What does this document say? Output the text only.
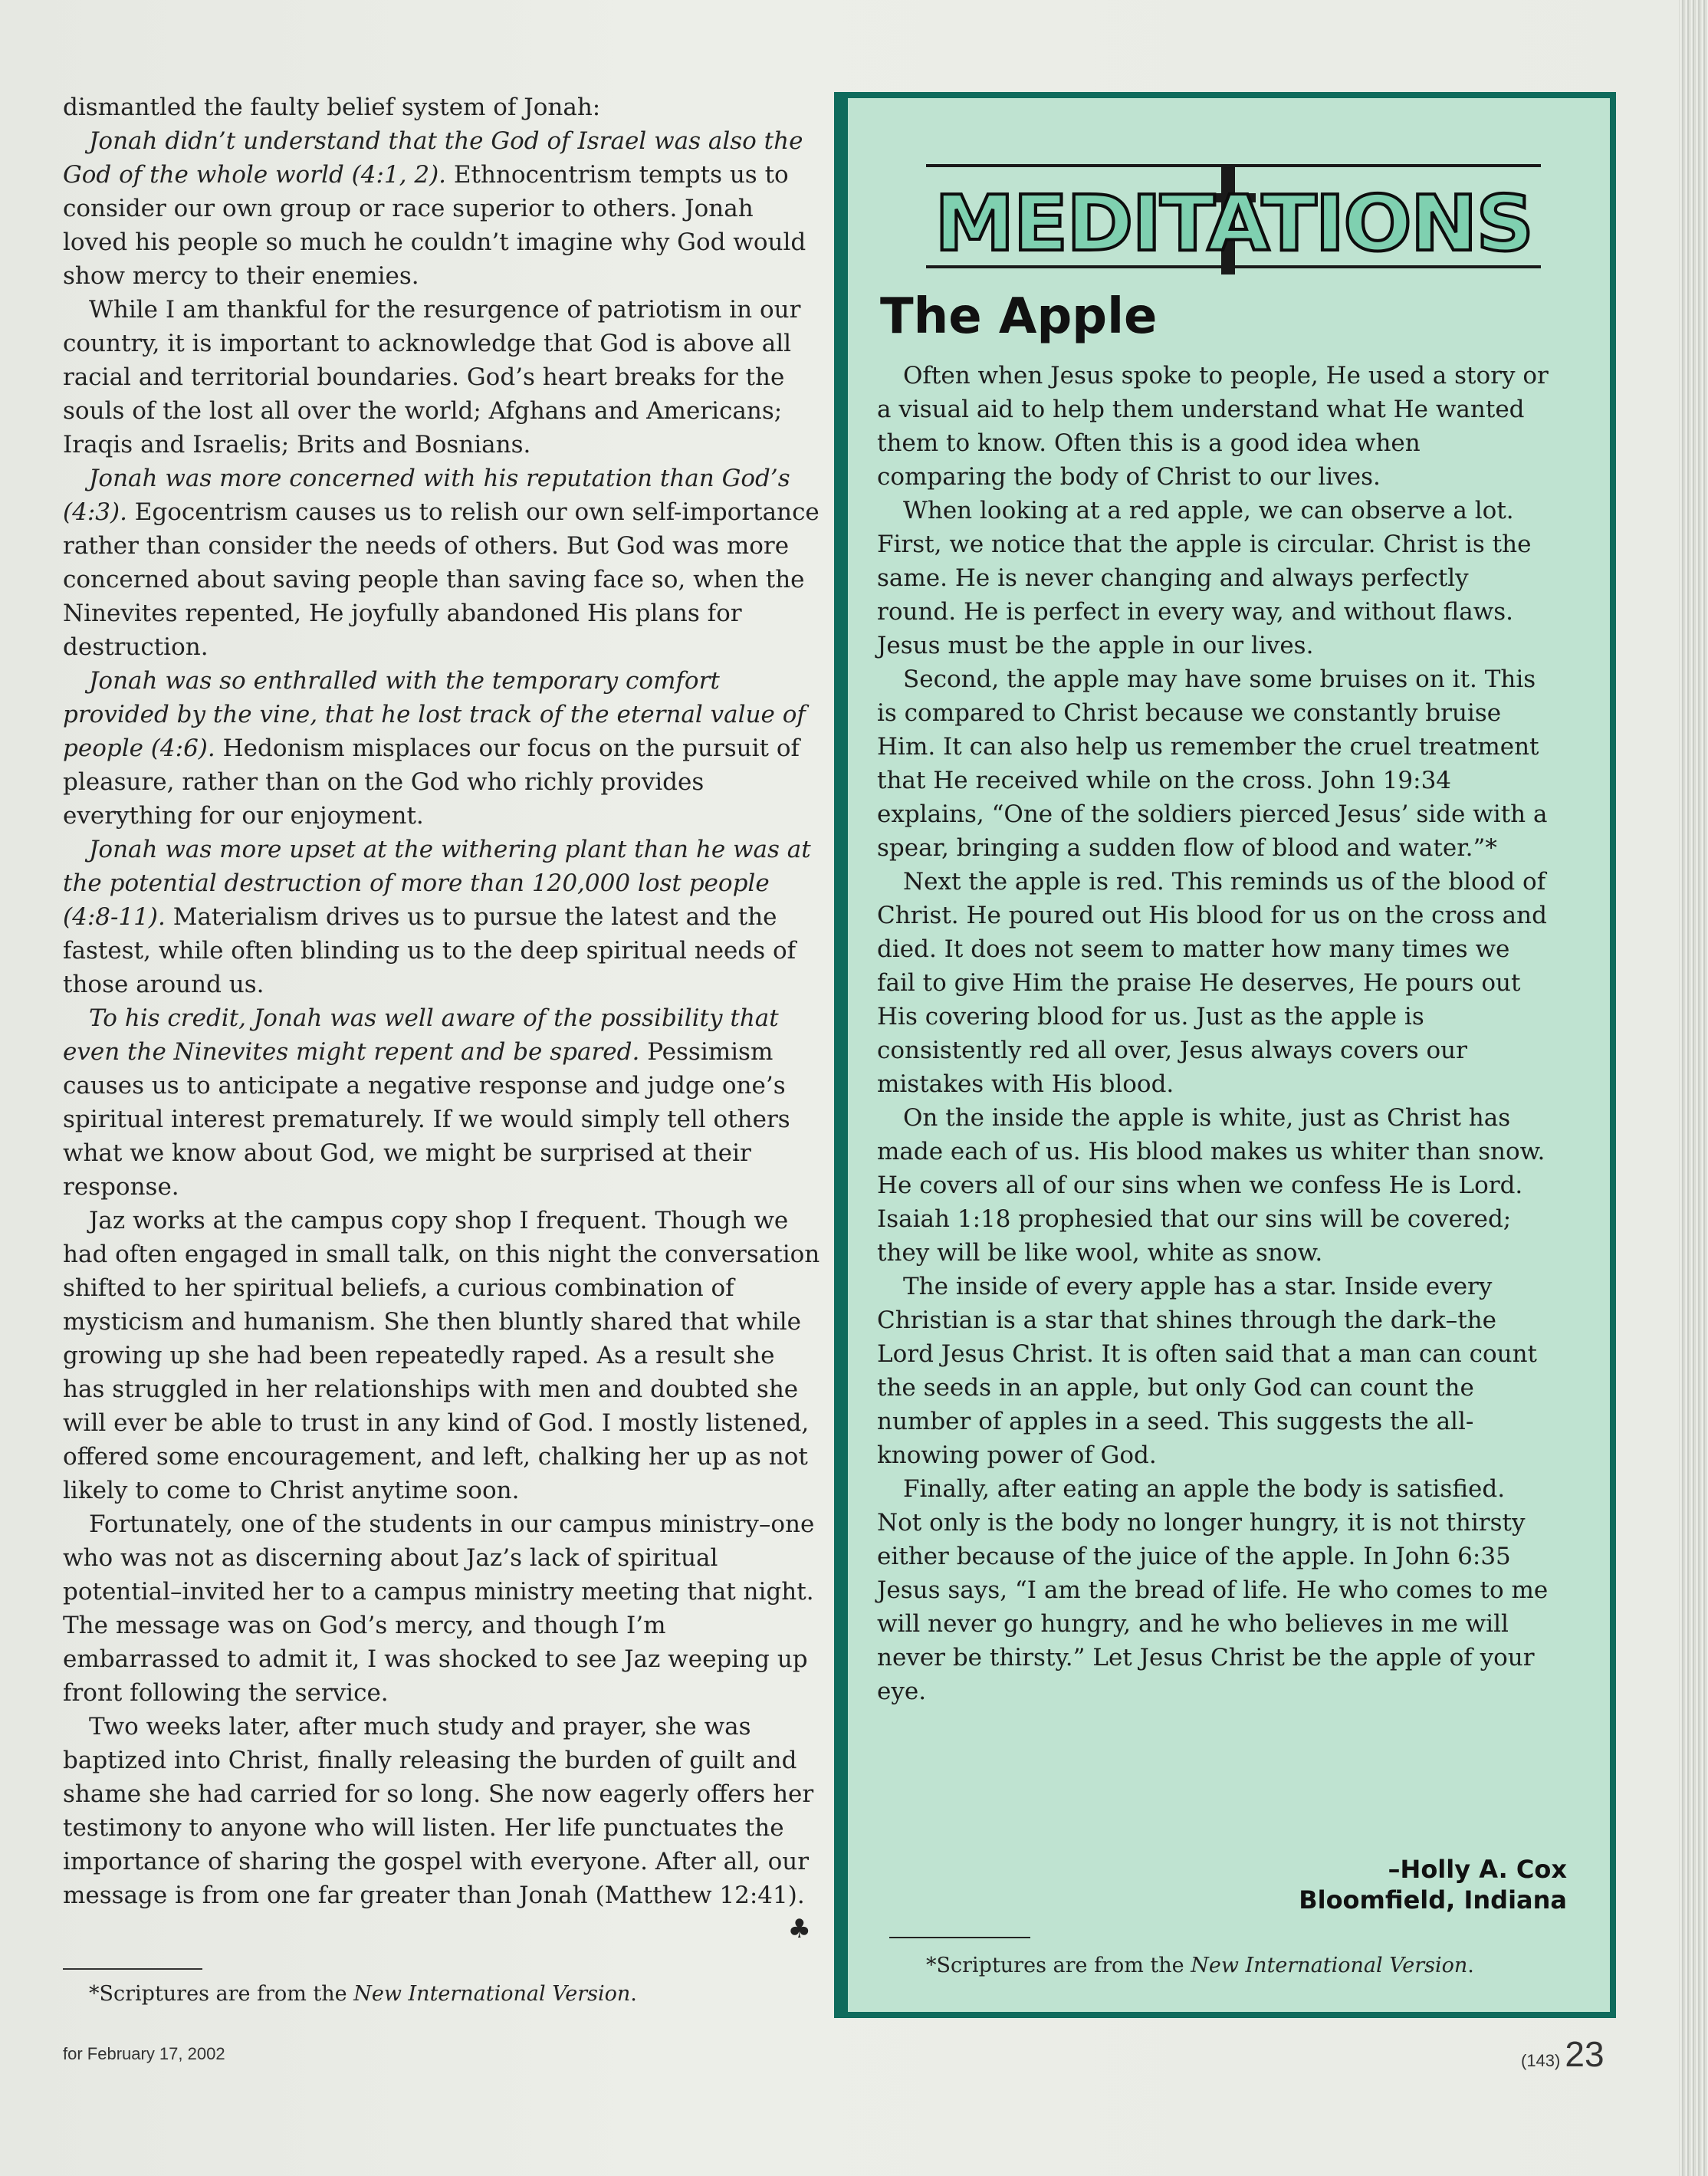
dismantled the faulty belief system of Jonah:

Jonah didn’t understand that the God of Israel was also the God of the whole world (4:1, 2). Ethnocentrism tempts us to consider our own group or race superior to others. Jonah loved his people so much he couldn’t imagine why God would show mercy to their enemies.

While I am thankful for the resurgence of patriotism in our country, it is important to acknowledge that God is above all racial and territorial boundaries. God’s heart breaks for the souls of the lost all over the world; Afghans and Americans; Iraqis and Israelis; Brits and Bosnians.

Jonah was more concerned with his reputation than God’s (4:3). Egocentrism causes us to relish our own self-importance rather than consider the needs of others. But God was more concerned about saving people than saving face so, when the Ninevites repented, He joyfully abandoned His plans for destruction.

Jonah was so enthralled with the temporary comfort provided by the vine, that he lost track of the eternal value of people (4:6). Hedonism misplaces our focus on the pursuit of pleasure, rather than on the God who richly provides everything for our enjoyment.

Jonah was more upset at the withering plant than he was at the potential destruction of more than 120,000 lost people (4:8-11). Materialism drives us to pursue the latest and the fastest, while often blinding us to the deep spiritual needs of those around us.

To his credit, Jonah was well aware of the possibility that even the Ninevites might repent and be spared. Pessimism causes us to anticipate a negative response and judge one’s spiritual interest prematurely. If we would simply tell others what we know about God, we might be surprised at their response.

Jaz works at the campus copy shop I frequent. Though we had often engaged in small talk, on this night the conversation shifted to her spiritual beliefs, a curious combination of mysticism and humanism. She then bluntly shared that while growing up she had been repeatedly raped. As a result she has struggled in her relationships with men and doubted she will ever be able to trust in any kind of God. I mostly listened, offered some encouragement, and left, chalking her up as not likely to come to Christ anytime soon.

Fortunately, one of the students in our campus ministry–one who was not as discerning about Jaz’s lack of spiritual potential–invited her to a campus ministry meeting that night. The message was on God’s mercy, and though I’m embarrassed to admit it, I was shocked to see Jaz weeping up front following the service.

Two weeks later, after much study and prayer, she was baptized into Christ, finally releasing the burden of guilt and shame she had carried for so long. She now eagerly offers her testimony to anyone who will listen. Her life punctuates the importance of sharing the gospel with everyone. After all, our message is from one far greater than Jonah (Matthew 12:41).
♣

*Scriptures are from the New International Version.
MEDITATIONS
The Apple

Often when Jesus spoke to people, He used a story or a visual aid to help them understand what He wanted them to know. Often this is a good idea when comparing the body of Christ to our lives.

When looking at a red apple, we can observe a lot. First, we notice that the apple is circular. Christ is the same. He is never changing and always perfectly round. He is perfect in every way, and without flaws. Jesus must be the apple in our lives.

Second, the apple may have some bruises on it. This is compared to Christ because we constantly bruise Him. It can also help us remember the cruel treatment that He received while on the cross. John 19:34 explains, “One of the soldiers pierced Jesus’ side with a spear, bringing a sudden flow of blood and water.”*

Next the apple is red. This reminds us of the blood of Christ. He poured out His blood for us on the cross and died. It does not seem to matter how many times we fail to give Him the praise He deserves, He pours out His covering blood for us. Just as the apple is consistently red all over, Jesus always covers our mistakes with His blood.

On the inside the apple is white, just as Christ has made each of us. His blood makes us whiter than snow. He covers all of our sins when we confess He is Lord. Isaiah 1:18 prophesied that our sins will be covered; they will be like wool, white as snow.

The inside of every apple has a star. Inside every Christian is a star that shines through the dark–the Lord Jesus Christ. It is often said that a man can count the seeds in an apple, but only God can count the number of apples in a seed. This suggests the all-knowing power of God.

Finally, after eating an apple the body is satisfied. Not only is the body no longer hungry, it is not thirsty either because of the juice of the apple. In John 6:35 Jesus says, “I am the bread of life. He who comes to me will never go hungry, and he who believes in me will never be thirsty.” Let Jesus Christ be the apple of your eye.

–Holly A. Cox
Bloomfield, Indiana
*Scriptures are from the New International Version.
for February 17, 2002	(143) 23
